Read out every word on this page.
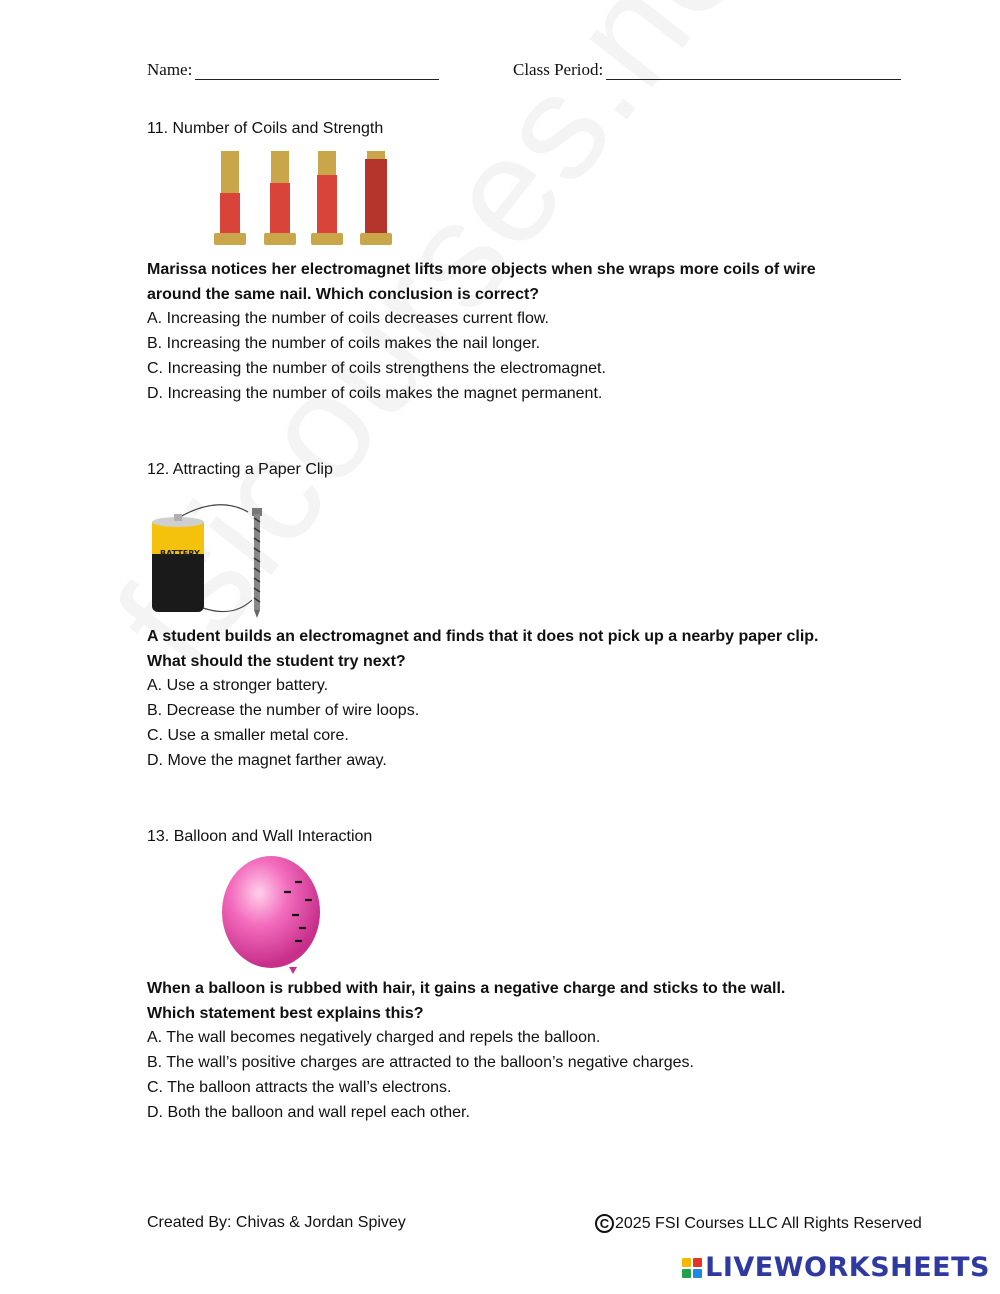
Name:	Class Period:
11. Number of Coils and Strength
Marissa notices her electromagnet lifts more objects when she wraps more coils of wire
around the same nail. Which conclusion is correct?
A. Increasing the number of coils decreases current flow.
B. Increasing the number of coils makes the nail longer.
C. Increasing the number of coils strengthens the electromagnet.
D. Increasing the number of coils makes the magnet permanent.
12. Attracting a Paper Clip
BATTERY
A student builds an electromagnet and finds that it does not pick up a nearby paper clip.
What should the student try next?
A. Use a stronger battery.
B. Decrease the number of wire loops.
C. Use a smaller metal core.
D. Move the magnet farther away.
13. Balloon and Wall Interaction
When a balloon is rubbed with hair, it gains a negative charge and sticks to the wall.
Which statement best explains this?
A. The wall becomes negatively charged and repels the balloon.
B. The wall’s positive charges are attracted to the balloon’s negative charges.
C. The balloon attracts the wall’s electrons.
D. Both the balloon and wall repel each other.
Created By: Chivas & Jordan Spivey	C 2025 FSI Courses LLC All Rights Reserved
LIVEWORKSHEETS
